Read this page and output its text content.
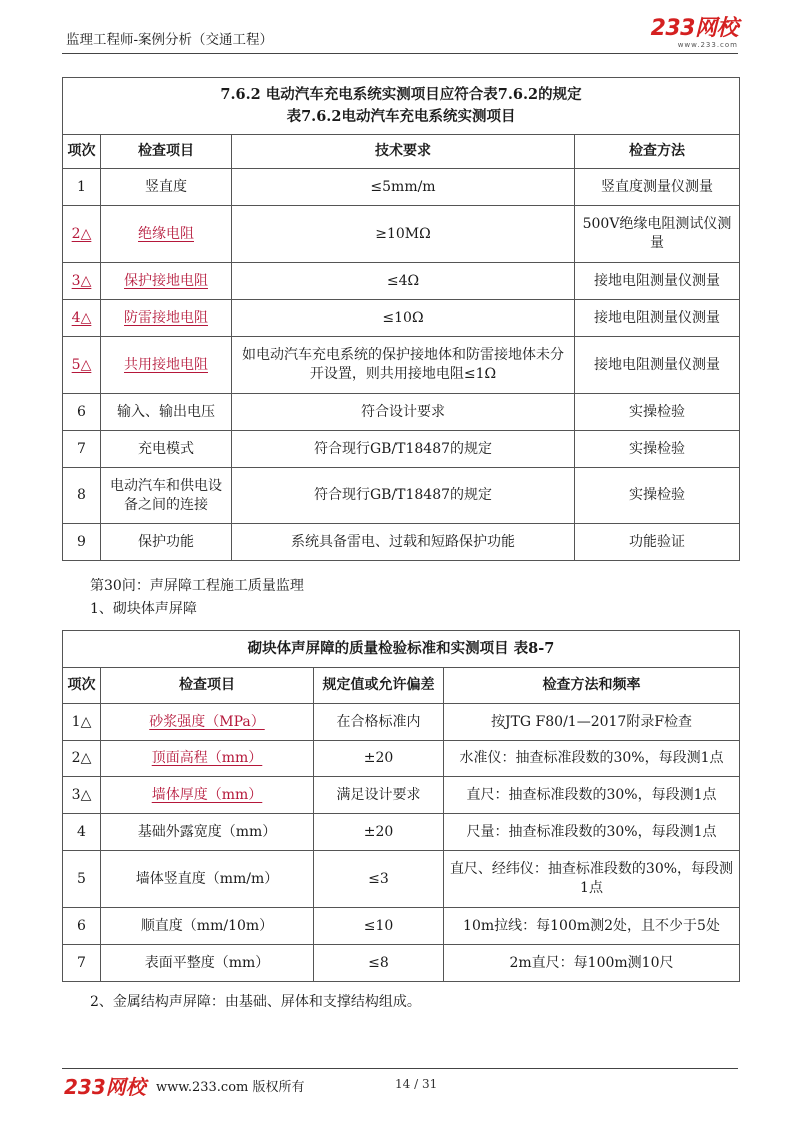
监理工程师-案例分析（交通工程）	233网校
www.233.com
7.6.2 电动汽车充电系统实测项目应符合表7.6.2的规定
表7.6.2电动汽车充电系统实测项目			

项次	检查项目	技术要求	检查方法
1	竖直度	≤5mm/m	竖直度测量仪测量
2△	绝缘电阻	≥10MΩ	500V绝缘电阻测试仪测量
3△	保护接地电阻	≤4Ω	接地电阻测量仪测量
4△	防雷接地电阻	≤10Ω	接地电阻测量仪测量
5△	共用接地电阻	如电动汽车充电系统的保护接地体和防雷接地体未分开设置，则共用接地电阻≤1Ω	接地电阻测量仪测量
6	输入、输出电压	符合设计要求	实操检验
7	充电模式	符合现行GB/T18487的规定	实操检验
8	电动汽车和供电设备之间的连接	符合现行GB/T18487的规定	实操检验
9	保护功能	系统具备雷电、过载和短路保护功能	功能验证
第30问：声屏障工程施工质量监理
1、砌块体声屏障
砌块体声屏障的质量检验标准和实测项目 表8-7			
项次	检查项目	规定值或允许偏差	检查方法和频率
1△	砂浆强度（MPa）	在合格标准内	按JTG F80/1—2017附录F检查
2△	顶面高程（mm）	±20	水准仪：抽查标准段数的30%，每段测1点
3△	墙体厚度（mm）	满足设计要求	直尺：抽查标准段数的30%，每段测1点
4	基础外露宽度（mm）	±20	尺量：抽查标准段数的30%，每段测1点
5	墙体竖直度（mm/m）	≤3	直尺、经纬仪：抽查标准段数的30%，每段测1点
6	顺直度（mm/10m）	≤10	10m拉线：每100m测2处，且不少于5处
7	表面平整度（mm）	≤8	2m直尺：每100m测10尺
2、金属结构声屏障：由基础、屏体和支撑结构组成。
233网校 www.233.com 版权所有	14 / 31
